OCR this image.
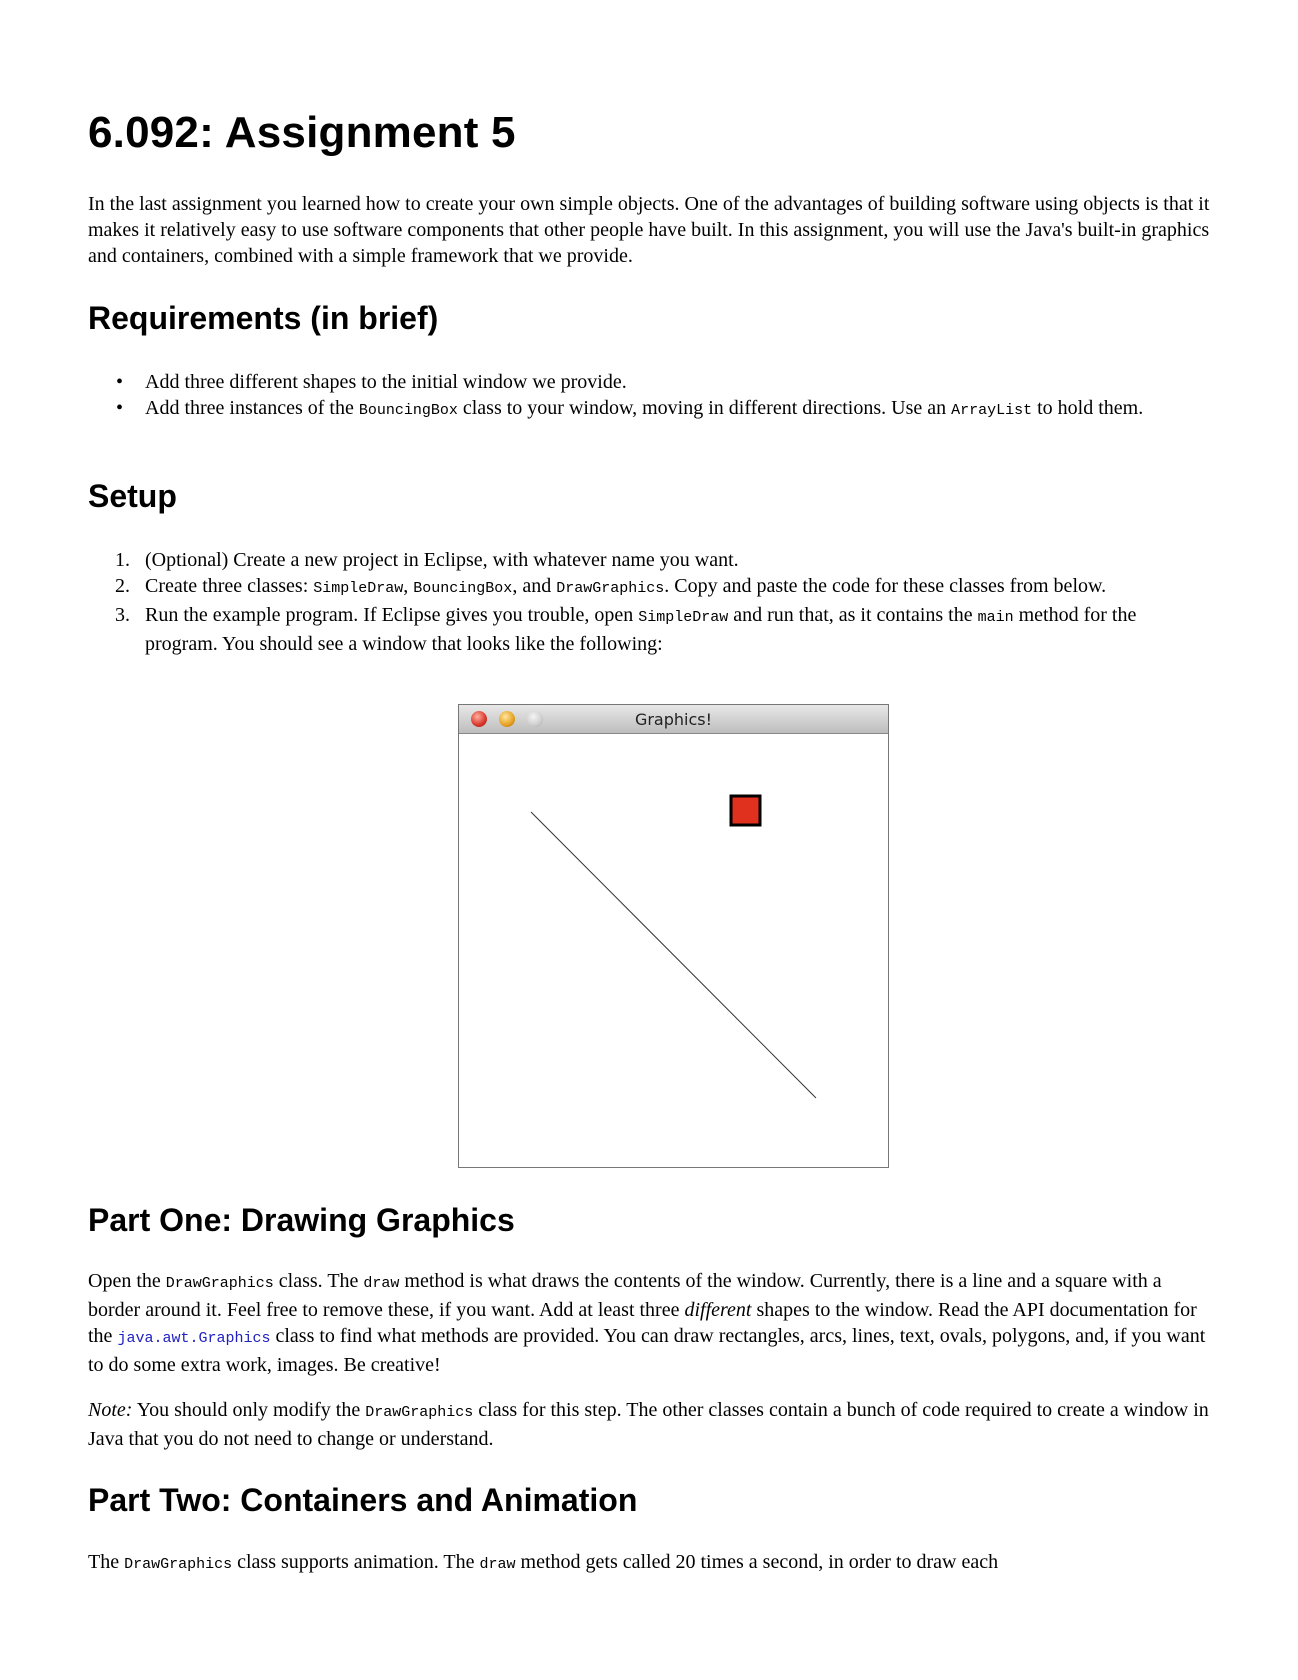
6.092: Assignment 5

In the last assignment you learned how to create your own simple objects. One of the advantages of building software using objects is that it makes it relatively easy to use software components that other people have built. In this assignment, you will use the Java's built-in graphics and containers, combined with a simple framework that we provide.

Requirements (in brief)
• Add three different shapes to the initial window we provide.
• Add three instances of the BouncingBox class to your window, moving in different directions. Use an ArrayList to hold them.
Setup
1. (Optional) Create a new project in Eclipse, with whatever name you want.
2. Create three classes: SimpleDraw, BouncingBox, and DrawGraphics. Copy and paste the code for these classes from below.
3. Run the example program. If Eclipse gives you trouble, open SimpleDraw and run that, as it contains the main method for the program. You should see a window that looks like the following:
Part One: Drawing Graphics

Open the DrawGraphics class. The draw method is what draws the contents of the window. Currently, there is a line and a square with a border around it. Feel free to remove these, if you want. Add at least three different shapes to the window. Read the API documentation for the java.awt.Graphics class to find what methods are provided. You can draw rectangles, arcs, lines, text, ovals, polygons, and, if you want to do some extra work, images. Be creative!

Note: You should only modify the DrawGraphics class for this step. The other classes contain a bunch of code required to create a window in Java that you do not need to change or understand.

Part Two: Containers and Animation

The DrawGraphics class supports animation. The draw method gets called 20 times a second, in order to draw each

Graphics!
